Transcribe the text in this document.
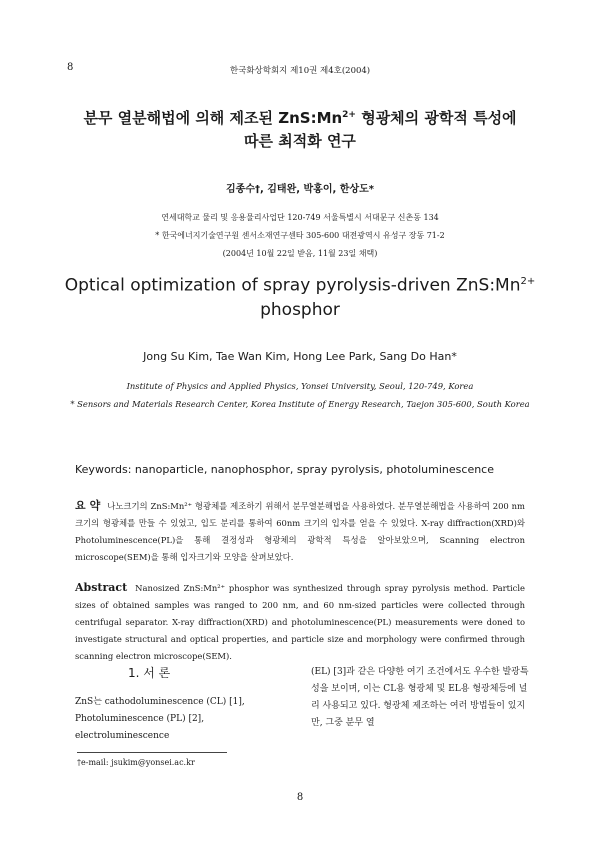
8	한국화상학회지 제10권 제4호(2004)
분무 열분해법에 의해 제조된 $ZnS:Mn^{2+}$ 형광체의 광학적 특성에
따른 최적화 연구
김종수†, 김태완, 박홍이, 한상도*
연세대학교 물리 및 응용물리사업단 120-749 서울특별시 서대문구 신촌동 134
* 한국에너지기술연구원 센서소재연구센타 305-600 대전광역시 유성구 장동 71-2
(2004년 10월 22일 받음, 11월 23일 채택)
Optical optimization of spray pyrolysis-driven $ZnS:Mn^{2+}$
phosphor
Jong Su Kim, Tae Wan Kim, Hong Lee Park, Sang Do Han*
Institute of Physics and Applied Physics, Yonsei University, Seoul, 120-749, Korea
* Sensors and Materials Research Center, Korea Institute of Energy Research, Taejon 305-600, South Korea
Keywords: nanoparticle, nanophosphor, spray pyrolysis, photoluminescence
요 약 나노크기의 ZnS:Mn²⁺ 형광체를 제조하기 위해서 분무열분해법을 사용하였다. 분무열분해법을 사용하여 200 nm 크기의 형광체를 만들 수 있었고, 입도 분리를 통하여 60nm 크기의 입자를 얻을 수 있었다. X-ray diffraction(XRD)와 Photoluminescence(PL)을 통해 결정성과 형광체의 광학적 특성을 알아보았으며, Scanning electron microscope(SEM)을 통해 입자크기와 모양을 살펴보았다.
Abstract Nanosized ZnS:Mn²⁺ phosphor was synthesized through spray pyrolysis method. Particle sizes of obtained samples was ranged to 200 nm, and 60 nm-sized particles were collected through centrifugal separator. X-ray diffraction(XRD) and photoluminescence(PL) measurements were doned to investigate structural and optical properties, and particle size and morphology were confirmed through scanning electron microscope(SEM).
1. 서 론
ZnS는 cathodoluminescence (CL) [1], Photoluminescence (PL) [2], electroluminescence
(EL) [3]과 같은 다양한 여기 조건에서도 우수한 발광특성을 보이며, 이는 CL용 형광체 및 EL용 형광체등에 널리 사용되고 있다. 형광체 제조하는 여러 방법들이 있지만, 그중 분무 열
†e-mail: jsukim@yonsei.ac.kr
8
